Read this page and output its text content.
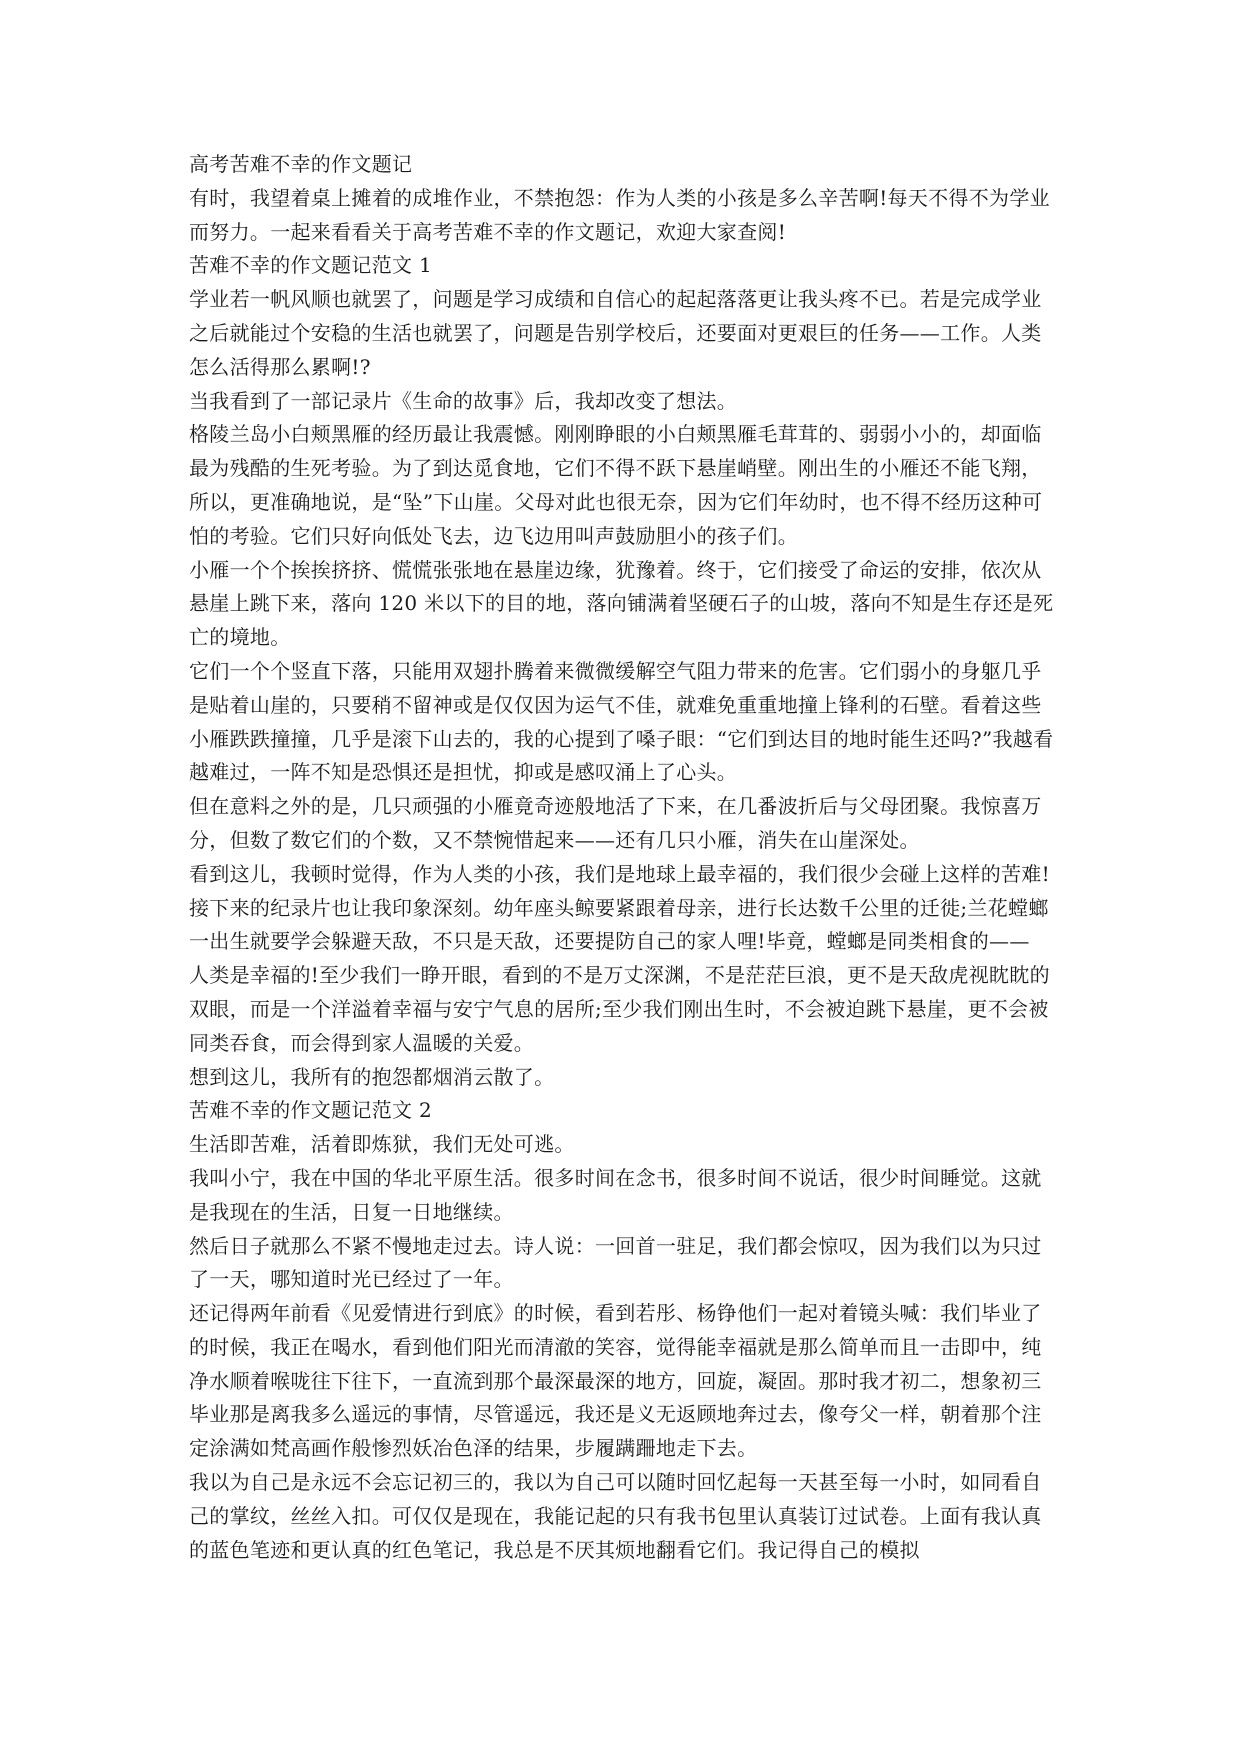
高考苦难不幸的作文题记

有时，我望着桌上摊着的成堆作业，不禁抱怨：作为人类的小孩是多么辛苦啊!每天不得不为学业而努力。一起来看看关于高考苦难不幸的作文题记，欢迎大家查阅!

苦难不幸的作文题记范文 1

学业若一帆风顺也就罢了，问题是学习成绩和自信心的起起落落更让我头疼不已。若是完成学业之后就能过个安稳的生活也就罢了，问题是告别学校后，还要面对更艰巨的任务——工作。人类怎么活得那么累啊!?

当我看到了一部记录片《生命的故事》后，我却改变了想法。

格陵兰岛小白颊黑雁的经历最让我震憾。刚刚睁眼的小白颊黑雁毛茸茸的、弱弱小小的，却面临最为残酷的生死考验。为了到达觅食地，它们不得不跃下悬崖峭壁。刚出生的小雁还不能飞翔，所以，更准确地说，是“坠”下山崖。父母对此也很无奈，因为它们年幼时，也不得不经历这种可怕的考验。它们只好向低处飞去，边飞边用叫声鼓励胆小的孩子们。

小雁一个个挨挨挤挤、慌慌张张地在悬崖边缘，犹豫着。终于，它们接受了命运的安排，依次从悬崖上跳下来，落向 120 米以下的目的地，落向铺满着坚硬石子的山坡，落向不知是生存还是死亡的境地。

它们一个个竖直下落，只能用双翅扑腾着来微微缓解空气阻力带来的危害。它们弱小的身躯几乎是贴着山崖的，只要稍不留神或是仅仅因为运气不佳，就难免重重地撞上锋利的石壁。看着这些小雁跌跌撞撞，几乎是滚下山去的，我的心提到了嗓子眼：“它们到达目的地时能生还吗?”我越看越难过，一阵不知是恐惧还是担忧，抑或是感叹涌上了心头。

但在意料之外的是，几只顽强的小雁竟奇迹般地活了下来，在几番波折后与父母团聚。我惊喜万分，但数了数它们的个数，又不禁惋惜起来——还有几只小雁，消失在山崖深处。

看到这儿，我顿时觉得，作为人类的小孩，我们是地球上最幸福的，我们很少会碰上这样的苦难!

接下来的纪录片也让我印象深刻。幼年座头鲸要紧跟着母亲，进行长达数千公里的迁徙;兰花螳螂一出生就要学会躲避天敌，不只是天敌，还要提防自己的家人哩!毕竟，螳螂是同类相食的——

人类是幸福的!至少我们一睁开眼，看到的不是万丈深渊，不是茫茫巨浪，更不是天敌虎视眈眈的双眼，而是一个洋溢着幸福与安宁气息的居所;至少我们刚出生时，不会被迫跳下悬崖，更不会被同类吞食，而会得到家人温暖的关爱。

想到这儿，我所有的抱怨都烟消云散了。

苦难不幸的作文题记范文 2

生活即苦难，活着即炼狱，我们无处可逃。

我叫小宁，我在中国的华北平原生活。很多时间在念书，很多时间不说话，很少时间睡觉。这就是我现在的生活，日复一日地继续。

然后日子就那么不紧不慢地走过去。诗人说：一回首一驻足，我们都会惊叹，因为我们以为只过了一天，哪知道时光已经过了一年。

还记得两年前看《见爱情进行到底》的时候，看到若彤、杨铮他们一起对着镜头喊：我们毕业了的时候，我正在喝水，看到他们阳光而清澈的笑容，觉得能幸福就是那么简单而且一击即中，纯净水顺着喉咙往下往下，一直流到那个最深最深的地方，回旋，凝固。那时我才初二，想象初三毕业那是离我多么遥远的事情，尽管遥远，我还是义无返顾地奔过去，像夸父一样，朝着那个注定涂满如梵高画作般惨烈妖冶色泽的结果，步履蹒跚地走下去。

我以为自己是永远不会忘记初三的，我以为自己可以随时回忆起每一天甚至每一小时，如同看自己的掌纹，丝丝入扣。可仅仅是现在，我能记起的只有我书包里认真装订过试卷。上面有我认真的蓝色笔迹和更认真的红色笔记，我总是不厌其烦地翻看它们。我记得自己的模拟
